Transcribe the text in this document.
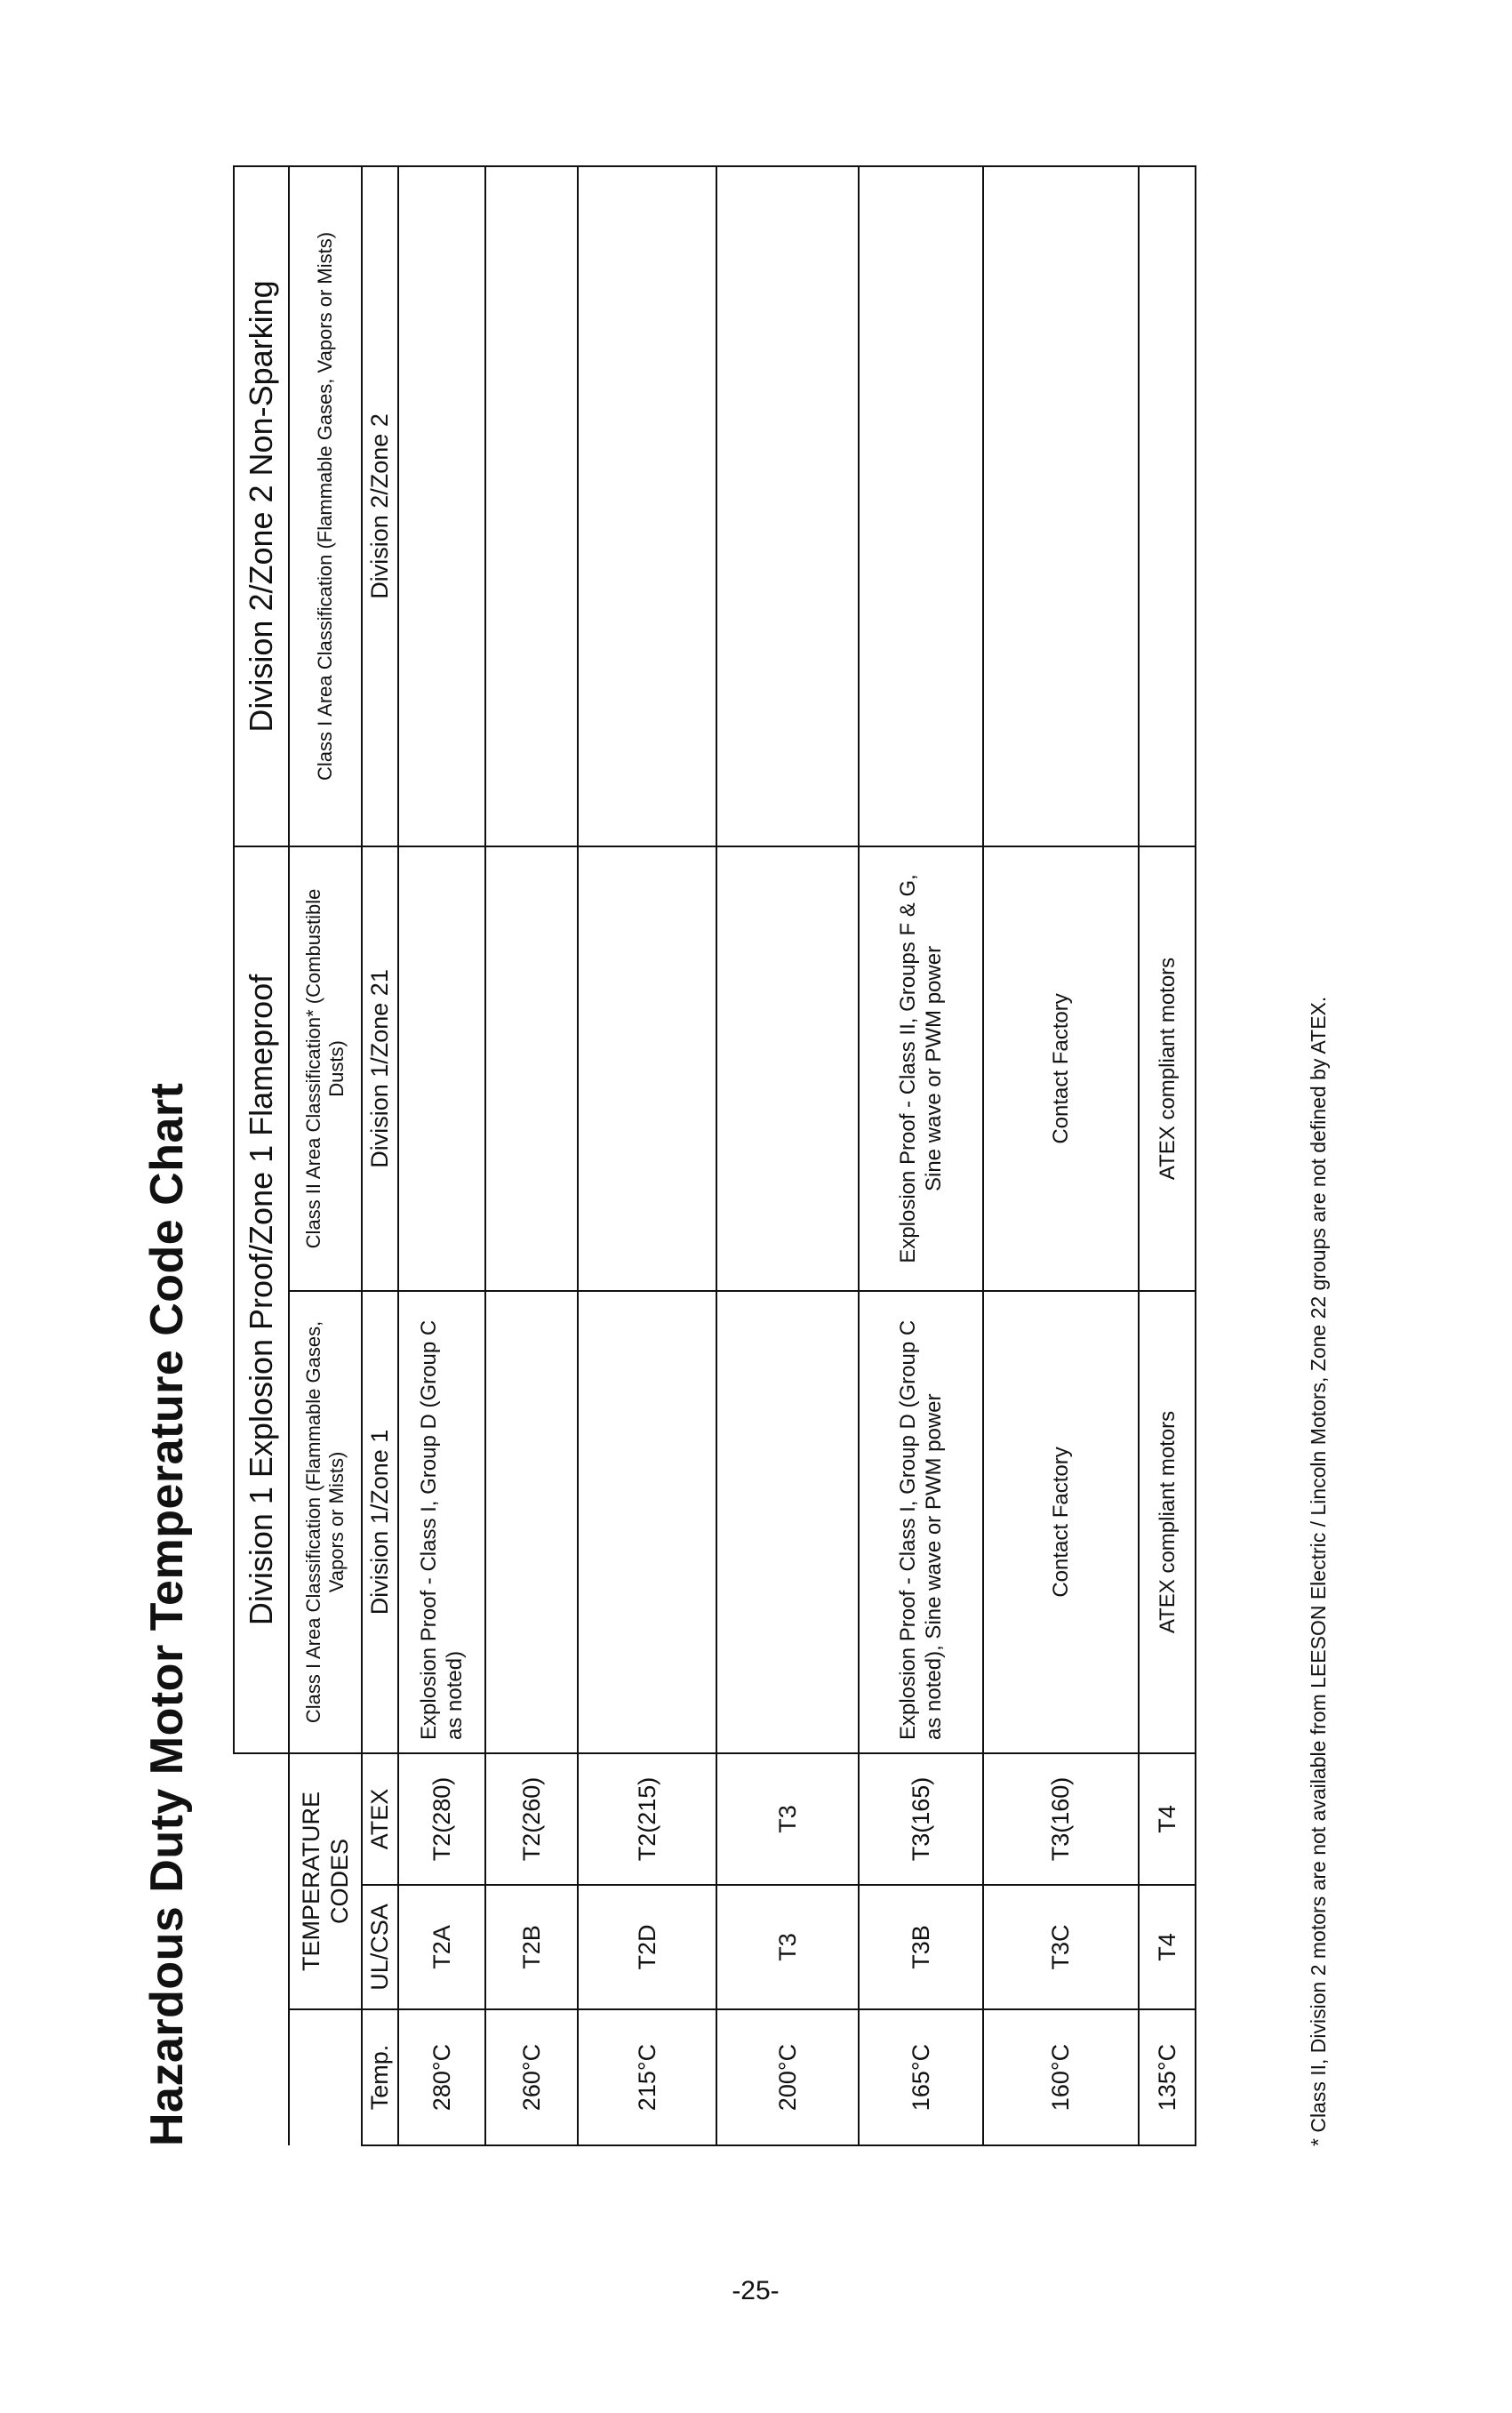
Hazardous Duty Motor Temperature Code Chart
			Division 1 Explosion Proof/Zone 1 Flameproof		Division 2/Zone 2 Non-Sparking
	TEMPERATURE CODES		Class I Area Classification (Flammable Gases, Vapors or Mists)	Class II Area Classification* (Combustible Dusts)	Class I Area Classification (Flammable Gases, Vapors or Mists)
Temp.	UL/CSA	ATEX	Division 1/Zone 1	Division 1/Zone 21	Division 2/Zone 2
280°C	T2A	T2(280)	Explosion Proof - Class I, Group D (Group C as noted)		
260°C	T2B	T2(260)			
215°C	T2D	T2(215)			
200°C	T3	T3			
165°C	T3B	T3(165)	Explosion Proof - Class I, Group D (Group C as noted), Sine wave or PWM power	Explosion Proof - Class II, Groups F & G, Sine wave or PWM power	
160°C	T3C	T3(160)	Contact Factory	Contact Factory	
135°C	T4	T4	ATEX compliant motors	ATEX compliant motors		* Class II, Division 2 motors are not available from LEESON Electric / Lincoln Motors, Zone 22 groups are not defined by ATEX.
-25-
